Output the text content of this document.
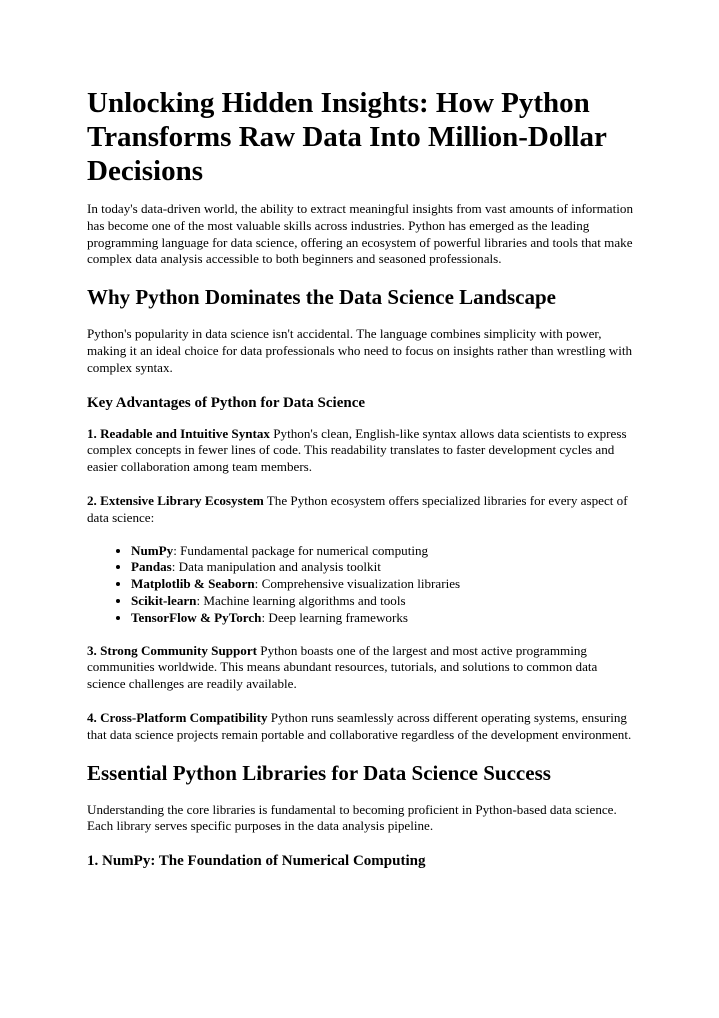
Unlocking Hidden Insights: How Python Transforms Raw Data Into Million-Dollar Decisions

In today's data-driven world, the ability to extract meaningful insights from vast amounts of information has become one of the most valuable skills across industries. Python has emerged as the leading programming language for data science, offering an ecosystem of powerful libraries and tools that make complex data analysis accessible to both beginners and seasoned professionals.

Why Python Dominates the Data Science Landscape

Python's popularity in data science isn't accidental. The language combines simplicity with power, making it an ideal choice for data professionals who need to focus on insights rather than wrestling with complex syntax.

Key Advantages of Python for Data Science

1. Readable and Intuitive Syntax Python's clean, English-like syntax allows data scientists to express complex concepts in fewer lines of code. This readability translates to faster development cycles and easier collaboration among team members.

2. Extensive Library Ecosystem The Python ecosystem offers specialized libraries for every aspect of data science:

• NumPy: Fundamental package for numerical computing
• Pandas: Data manipulation and analysis toolkit
• Matplotlib & Seaborn: Comprehensive visualization libraries
• Scikit-learn: Machine learning algorithms and tools
• TensorFlow & PyTorch: Deep learning frameworks

3. Strong Community Support Python boasts one of the largest and most active programming communities worldwide. This means abundant resources, tutorials, and solutions to common data science challenges are readily available.

4. Cross-Platform Compatibility Python runs seamlessly across different operating systems, ensuring that data science projects remain portable and collaborative regardless of the development environment.

Essential Python Libraries for Data Science Success

Understanding the core libraries is fundamental to becoming proficient in Python-based data science. Each library serves specific purposes in the data analysis pipeline.

1. NumPy: The Foundation of Numerical Computing
